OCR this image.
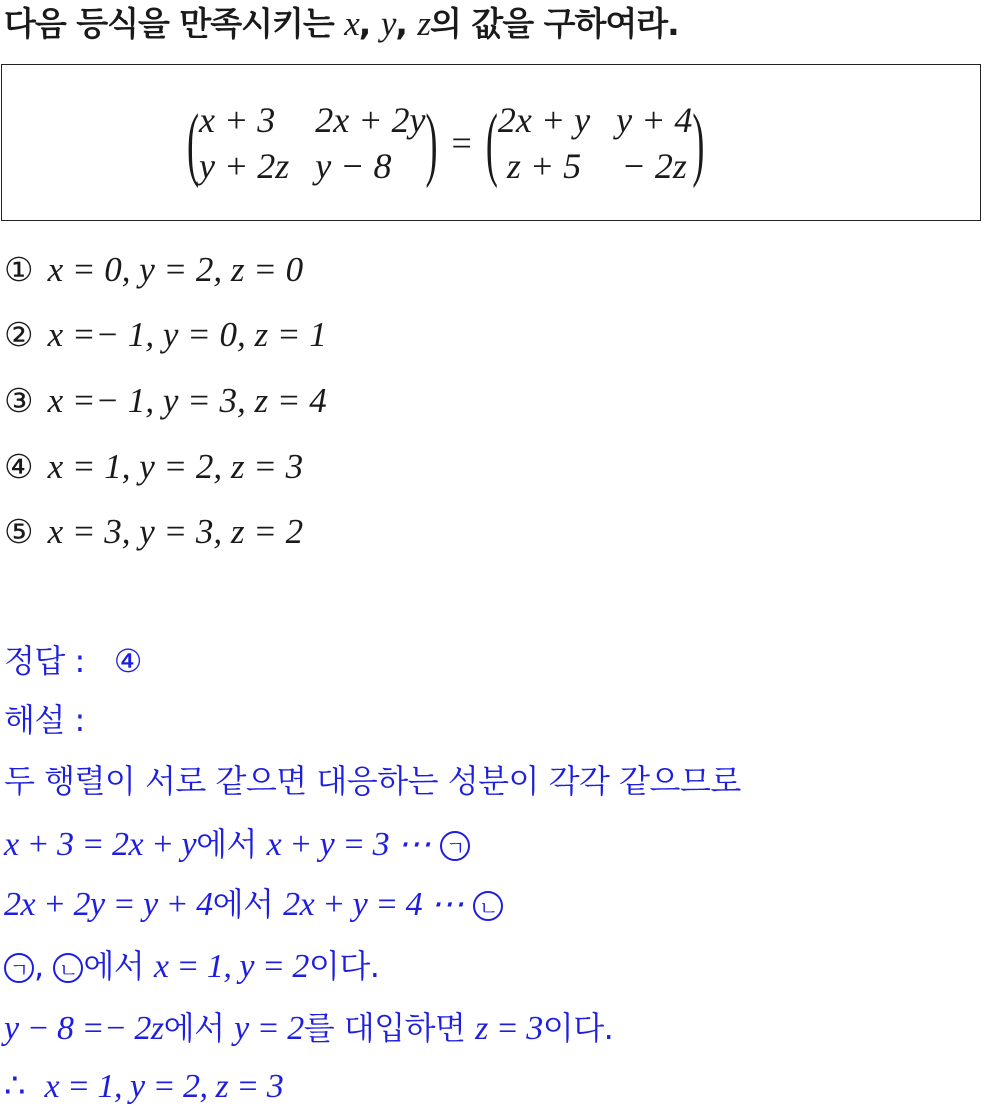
다음 등식을 만족시키는 x, y, z의 값을 구하여라.
( x + 3	2x + 2y
y + 2z y − 8 ) = ( 2x + y y + 4
z + 5 − 2z )
① x = 0, y = 2, z = 0
② x =− 1, y = 0, z = 1
③ x =− 1, y = 3, z = 4
④ x = 1, y = 2, z = 3
⑤ x = 3, y = 3, z = 2
정답 : ④
해설 :
두 행렬이 서로 같으면 대응하는 성분이 각각 같으므로
x + 3 = 2x + y에서 x + y = 3 ⋯ ㄱ
2x + 2y = y + 4에서 2x + y = 4 ⋯ ㄴ
ㄱ , ㄴ 에서 x = 1, y = 2이다.
y − 8 =− 2z에서 y = 2를 대입하면 z = 3이다.
∴ x = 1, y = 2, z = 3
